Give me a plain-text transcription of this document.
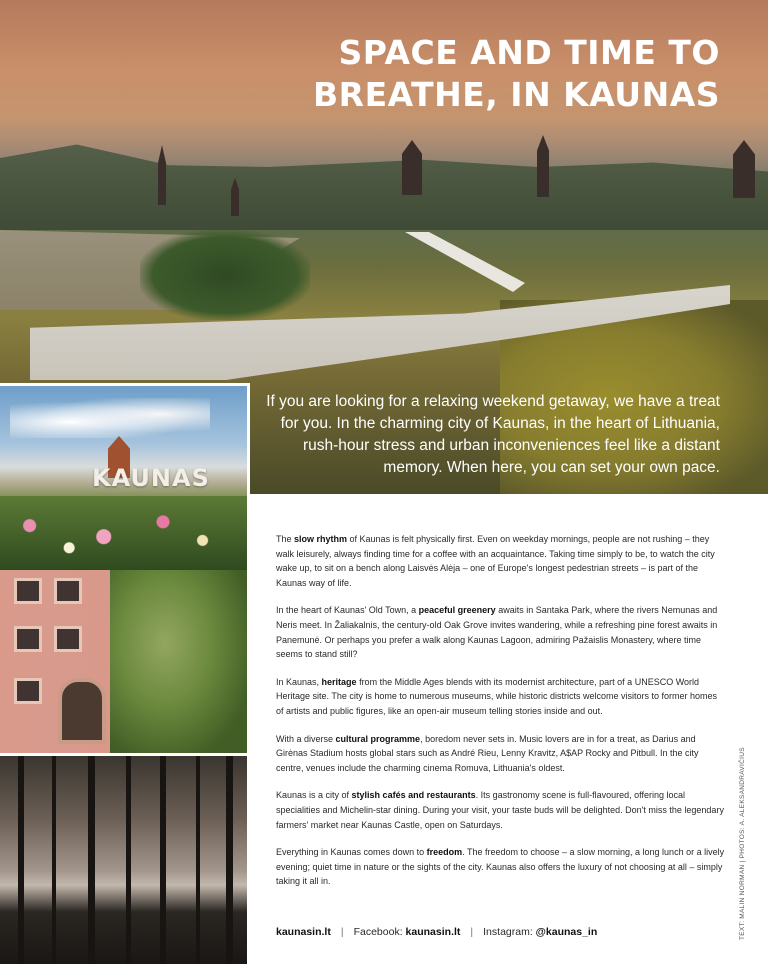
SPACE AND TIME TO
BREATHE, IN KAUNAS

If you are looking for a relaxing weekend getaway, we have a treat for you. In the charming city of Kaunas, in the heart of Lithuania, rush-hour stress and urban inconveniences feel like a distant memory. When here, you can set your own pace.

KAUNAS

The slow rhythm of Kaunas is felt physically first. Even on weekday mornings, people are not rushing – they walk leisurely, always finding time for a coffee with an acquaintance. Taking time simply to be, to watch the city wake up, to sit on a bench along Laisvės Alėja – one of Europe's longest pedestrian streets – is part of the Kaunas way of life.

In the heart of Kaunas' Old Town, a peaceful greenery awaits in Santaka Park, where the rivers Nemunas and Neris meet. In Žaliakalnis, the century-old Oak Grove invites wandering, while a refreshing pine forest awaits in Panemunė. Or perhaps you prefer a walk along Kaunas Lagoon, admiring Pažaislis Monastery, where time seems to stand still?

In Kaunas, heritage from the Middle Ages blends with its modernist architecture, part of a UNESCO World Heritage site. The city is home to numerous museums, while historic districts welcome visitors to former homes of artists and public figures, like an open-air museum telling stories inside and out.

With a diverse cultural programme, boredom never sets in. Music lovers are in for a treat, as Darius and Girėnas Stadium hosts global stars such as André Rieu, Lenny Kravitz, A$AP Rocky and Pitbull. In the city centre, venues include the charming cinema Romuva, Lithuania's oldest.

Kaunas is a city of stylish cafés and restaurants. Its gastronomy scene is full-flavoured, offering local specialities and Michelin-star dining. During your visit, your taste buds will be delighted. Don't miss the legendary farmers' market near Kaunas Castle, open on Saturdays.

Everything in Kaunas comes down to freedom. The freedom to choose – a slow morning, a long lunch or a lively evening; quiet time in nature or the sights of the city. Kaunas also offers the luxury of not choosing at all – simply taking it all in.

kaunasin.lt | Facebook: kaunasin.lt | Instagram: @kaunas_in	TEXT: MALIN NORMAN | PHOTOS: A. ALEKSANDRAVIČIUS
